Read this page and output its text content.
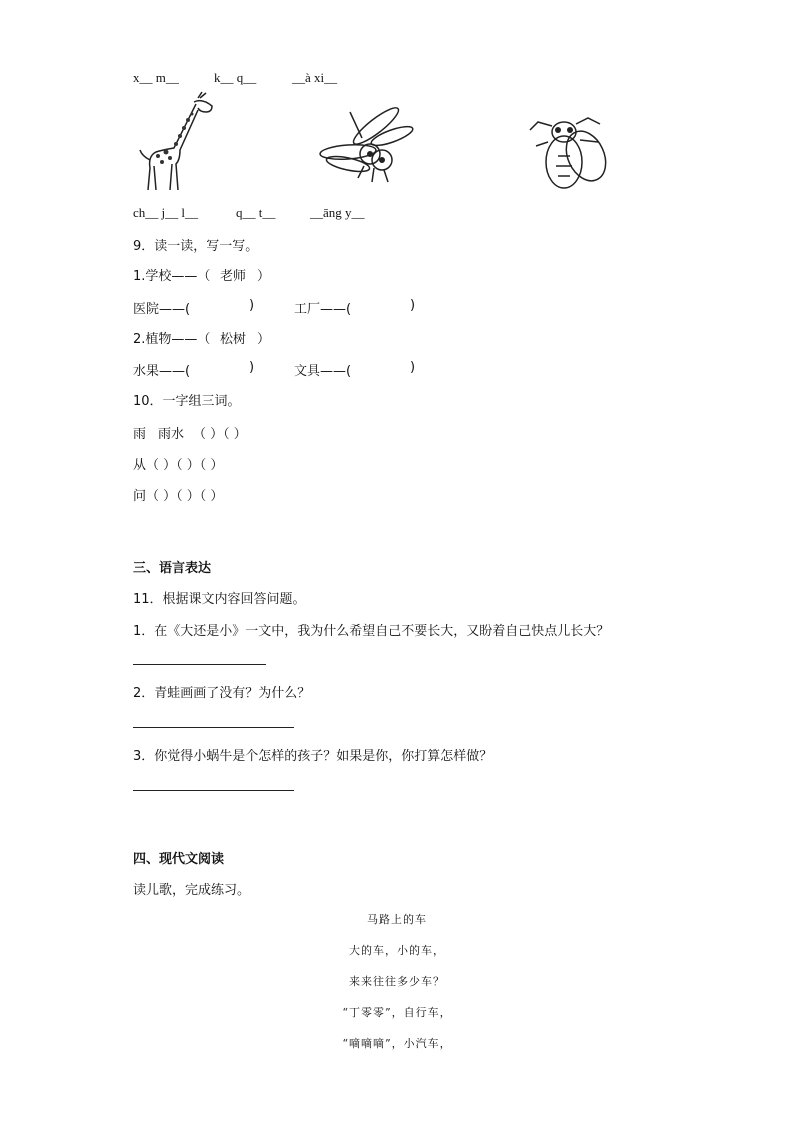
x__ m__	k__ q__	__à xi__
ch__ j__ l__	q__ t__	__āng y__
9．读一读，写一写。
1.学校——（ 老师 ）
医院——(	)	工厂——(	)
2.植物——（ 松树 ）
水果——(	)	文具——(	)
10．一字组三词。
雨 雨水 （ ）（ ）
从 （ ）（ ）（ ）
问 （ ）（ ）（ ）
三、语言表达
11．根据课文内容回答问题。
1．在《大还是小》一文中，我为什么希望自己不要长大，又盼着自己快点儿长大？
2．青蛙画画了没有？为什么？
3．你觉得小蜗牛是个怎样的孩子？如果是你，你打算怎样做？
四、现代文阅读
读儿歌，完成练习。
马路上的车
大的车，小的车，
来来往往多少车？
“丁零零”，自行车，
“嘀嘀嘀”，小汽车，
